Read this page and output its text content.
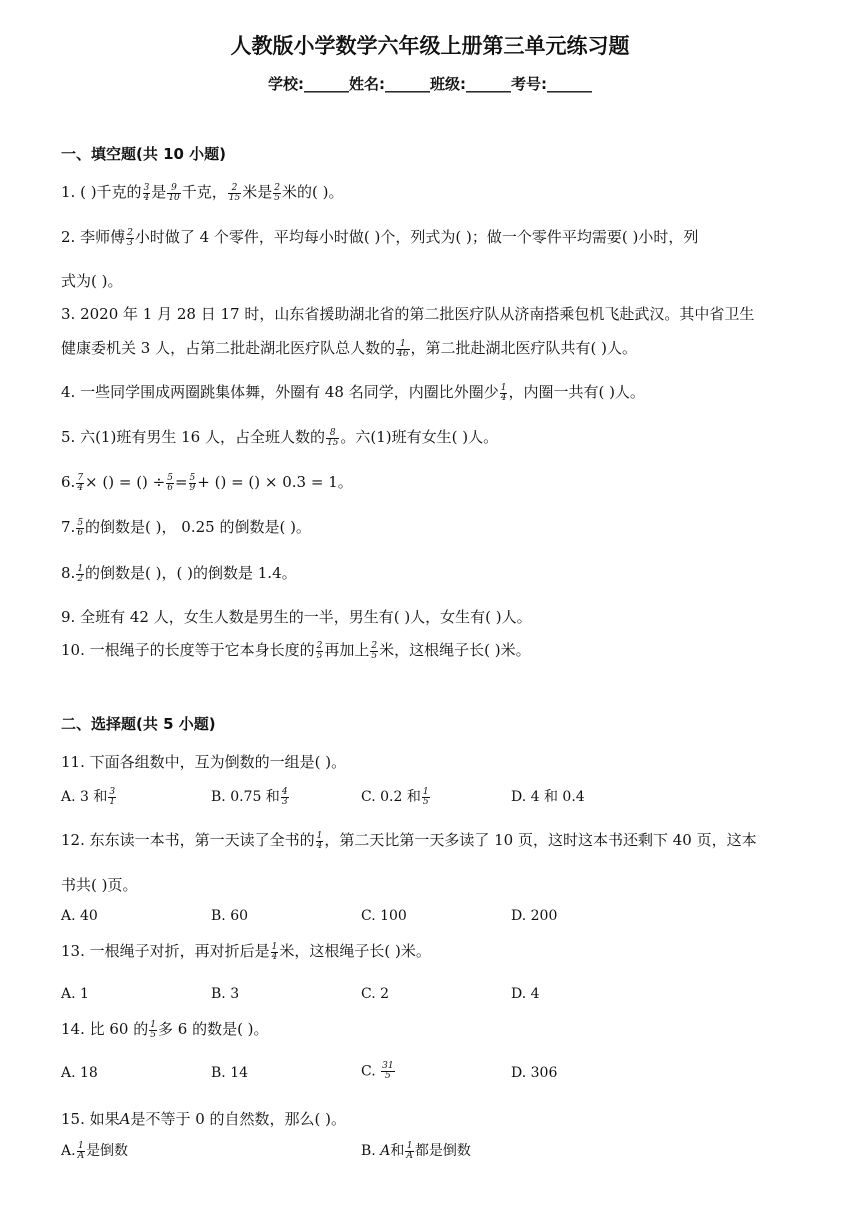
人教版小学数学六年级上册第三单元练习题
学校:______姓名:______班级:______考号:______
一、填空题(共 10 小题)
1. ( )千克的 $\frac{3}{4}$ 是 $\frac{9}{10}$ 千克， $\frac{2}{15}$ 米是 $\frac{2}{5}$ 米的( )。
2. 李师傅 $\frac{2}{3}$ 小时做了 4 个零件，平均每小时做( )个，列式为( )；做一个零件平均需要( )小时，列
式为( )。
3. 2020 年 1 月 28 日 17 时，山东省援助湖北省的第二批医疗队从济南搭乘包机飞赴武汉。其中省卫生
健康委机关 3 人，占第二批赴湖北医疗队总人数的 $\frac{1}{46}$ ，第二批赴湖北医疗队共有( )人。
4. 一些同学围成两圈跳集体舞，外圈有 48 名同学，内圈比外圈少 $\frac{1}{4}$ ，内圈一共有( )人。
5. 六(1)班有男生 16 人，占全班人数的 $\frac{8}{15}$ 。六(1)班有女生( )人。
6. $\frac{7}{4}$ × () = () ÷ $\frac{5}{6} = \frac{5}{9}$ + () = () × 0.3 = 1。
7. $\frac{5}{6}$ 的倒数是( )， 0.25 的倒数是( )。
8. $\frac{1}{2}$ 的倒数是( )，( )的倒数是 1.4。
9. 全班有 42 人，女生人数是男生的一半，男生有( )人，女生有( )人。
10. 一根绳子的长度等于它本身长度的 $\frac{2}{5}$ 再加上 $\frac{2}{5}$ 米，这根绳子长( )米。
二、选择题(共 5 小题)
11. 下面各组数中，互为倒数的一组是( )。
A. 3 和 $\frac{3}{1}$	B. 0.75 和 $\frac{4}{3}$	C. 0.2 和 $\frac{1}{5}$	D. 4 和 0.4
12. 东东读一本书，第一天读了全书的 $\frac{1}{4}$ ，第二天比第一天多读了 10 页，这时这本书还剩下 40 页，这本
书共( )页。
A. 40	B. 60	C. 100	D. 200
13. 一根绳子对折，再对折后是 $\frac{1}{4}$ 米，这根绳子长( )米。
A. 1	B. 3	C. 2	D. 4
14. 比 60 的 $\frac{1}{5}$ 多 6 的数是( )。
A. 18	B. 14	C. $\frac{31}{5}$	D. 306
15. 如果A是不等于 0 的自然数，那么( )。
A. $\frac{1}{A}$ 是倒数	B. A和 $\frac{1}{A}$ 都是倒数
